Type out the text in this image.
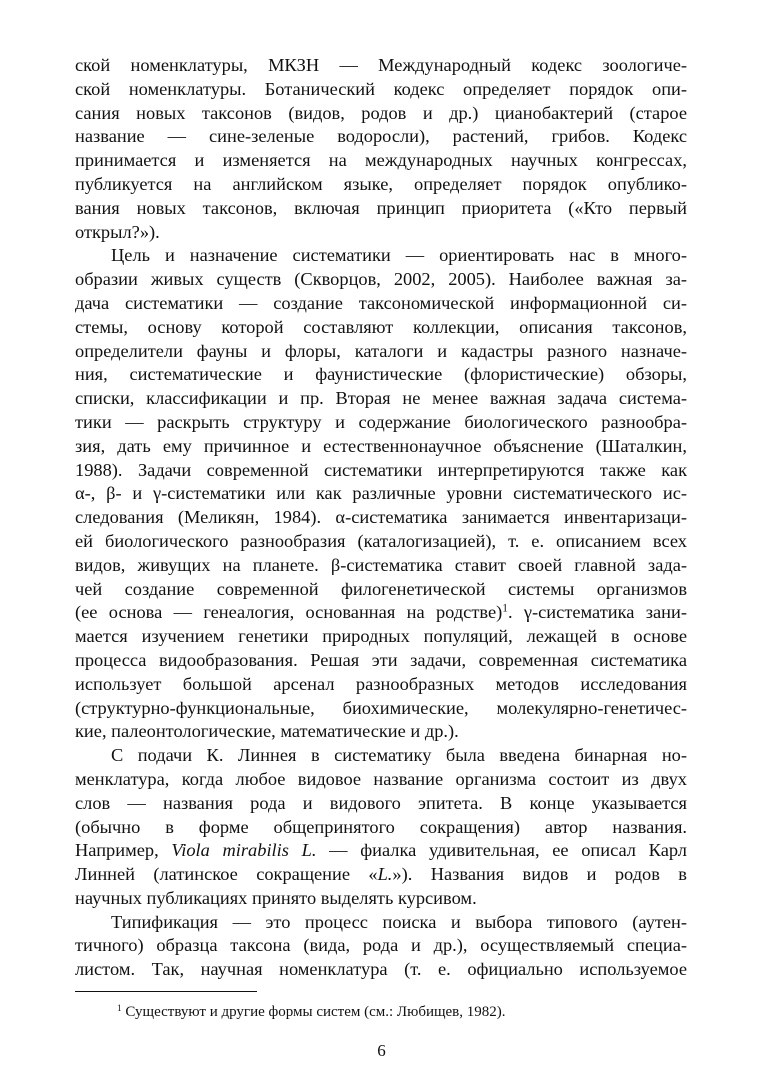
ской номенклатуры, МКЗН — Международный кодекс зоологиче-
ской номенклатуры. Ботанический кодекс определяет порядок опи-
сания новых таксонов (видов, родов и др.) цианобактерий (старое
название — сине-зеленые водоросли), растений, грибов. Кодекс
принимается и изменяется на международных научных конгрессах,
публикуется на английском языке, определяет порядок опублико-
вания новых таксонов, включая принцип приоритета («Кто первый
открыл?»).
Цель и назначение систематики — ориентировать нас в много-
образии живых существ (Скворцов, 2002, 2005). Наиболее важная за-
дача систематики — создание таксономической информационной си-
стемы, основу которой составляют коллекции, описания таксонов,
определители фауны и флоры, каталоги и кадастры разного назначе-
ния, систематические и фаунистические (флористические) обзоры,
списки, классификации и пр. Вторая не менее важная задача система-
тики — раскрыть структуру и содержание биологического разнообра-
зия, дать ему причинное и естественнонаучное объяснение (Шаталкин,
1988). Задачи современной систематики интерпретируются также как
α-, β- и γ-систематики или как различные уровни систематического ис-
следования (Меликян, 1984). α-систематика занимается инвентаризаци-
ей биологического разнообразия (каталогизацией), т. е. описанием всех
видов, живущих на планете. β-систематика ставит своей главной зада-
чей создание современной филогенетической системы организмов
(ее основа — генеалогия, основанная на родстве)$^1$. γ-систематика зани-
мается изучением генетики природных популяций, лежащей в основе
процесса видообразования. Решая эти задачи, современная систематика
использует большой арсенал разнообразных методов исследования
(структурно-функциональные, биохимические, молекулярно-генетичес-
кие, палеонтологические, математические и др.).
С подачи К. Линнея в систематику была введена бинарная но-
менклатура, когда любое видовое название организма состоит из двух
слов — названия рода и видового эпитета. В конце указывается
(обычно в форме общепринятого сокращения) автор названия.
Например, Viola mirabilis L. — фиалка удивительная, ее описал Карл
Линней (латинское сокращение «L.»). Названия видов и родов в
научных публикациях принято выделять курсивом.
Типификация — это процесс поиска и выбора типового (аутен-
тичного) образца таксона (вида, рода и др.), осуществляемый специа-
листом. Так, научная номенклатура (т. е. официально используемое
$^1$ Существуют и другие формы систем (см.: Любищев, 1982).
6
